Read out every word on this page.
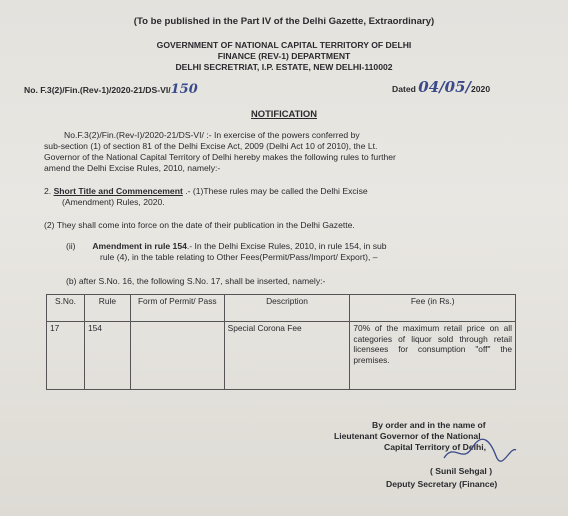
(To be published in the Part IV of the Delhi Gazette, Extraordinary)
GOVERNMENT OF NATIONAL CAPITAL TERRITORY OF DELHI
FINANCE (REV-1) DEPARTMENT
DELHI SECRETRIAT, I.P. ESTATE, NEW DELHI-110002
No. F.3(2)/Fin.(Rev-1)/2020-21/DS-VI/150	Dated 04/05/2020
NOTIFICATION
No.F.3(2)/Fin.(Rev-I)/2020-21/DS-VI/ :- In exercise of the powers conferred by
sub-section (1) of section 81 of the Delhi Excise Act, 2009 (Delhi Act 10 of 2010), the Lt.
Governor of the National Capital Territory of Delhi hereby makes the following rules to further
amend the Delhi Excise Rules, 2010, namely:-
2. Short Title and Commencement .- (1)These rules may be called the Delhi Excise
(Amendment) Rules, 2020.
(2) They shall come into force on the date of their publication in the Delhi Gazette.
(ii) Amendment in rule 154.- In the Delhi Excise Rules, 2010, in rule 154, in sub
rule (4), in the table relating to Other Fees(Permit/Pass/Import/ Export), –
(b) after S.No. 16, the following S.No. 17, shall be inserted, namely:-
S.No.	Rule	Form of Permit/ Pass	Description	Fee (in Rs.)
17	154		Special Corona Fee	70% of the maximum retail price on all categories of liquor sold through retail licensees for consumption "off" the premises.
By order and in the name of
Lieutenant Governor of the National
Capital Territory of Delhi,
( Sunil Sehgal )
Deputy Secretary (Finance)
